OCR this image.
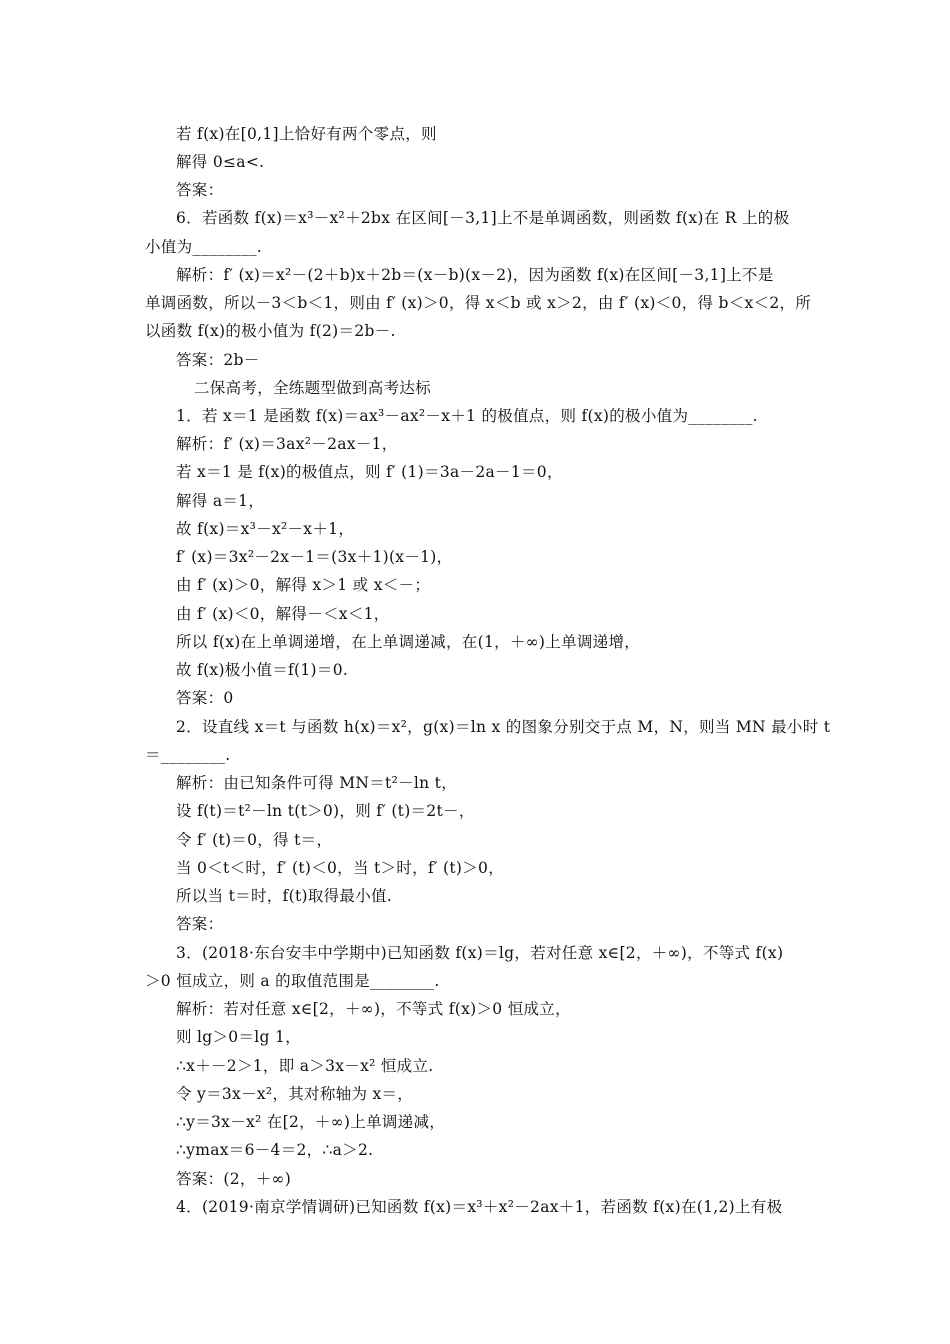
若 f(x)在[0,1]上恰好有两个零点，则
解得 0≤a<.
答案：
6．若函数 f(x)＝x³－x²＋2bx 在区间[－3,1]上不是单调函数，则函数 f(x)在 R 上的极
小值为________.
解析：f′ (x)＝x²－(2＋b)x＋2b＝(x－b)(x－2)，因为函数 f(x)在区间[－3,1]上不是
单调函数，所以－3＜b＜1，则由 f′ (x)＞0，得 x＜b 或 x＞2，由 f′ (x)＜0，得 b＜x＜2，所
以函数 f(x)的极小值为 f(2)＝2b－.
答案：2b－
二保高考，全练题型做到高考达标
1．若 x＝1 是函数 f(x)＝ax³－ax²－x＋1 的极值点，则 f(x)的极小值为________.
解析：f′ (x)＝3ax²－2ax－1，
若 x＝1 是 f(x)的极值点，则 f′ (1)＝3a－2a－1＝0，
解得 a＝1，
故 f(x)＝x³－x²－x＋1，
f′ (x)＝3x²－2x－1＝(3x＋1)(x－1)，
由 f′ (x)＞0，解得 x＞1 或 x＜－；
由 f′ (x)＜0，解得－＜x＜1，
所以 f(x)在上单调递增，在上单调递减，在(1，＋∞)上单调递增，
故 f(x)极小值＝f(1)＝0.
答案：0
2．设直线 x＝t 与函数 h(x)＝x²，g(x)＝ln x 的图象分别交于点 M，N，则当 MN 最小时 t
＝________.
解析：由已知条件可得 MN＝t²－ln t，
设 f(t)＝t²－ln t(t＞0)，则 f′ (t)＝2t－，
令 f′ (t)＝0，得 t＝，
当 0＜t＜时，f′ (t)＜0，当 t＞时，f′ (t)＞0，
所以当 t＝时，f(t)取得最小值.
答案：
3．(2018·东台安丰中学期中)已知函数 f(x)＝lg，若对任意 x∈[2，＋∞)，不等式 f(x)
＞0 恒成立，则 a 的取值范围是________.
解析：若对任意 x∈[2，＋∞)，不等式 f(x)＞0 恒成立，
则 lg＞0＝lg 1，
∴x＋－2＞1，即 a＞3x－x² 恒成立.
令 y＝3x－x²，其对称轴为 x＝，
∴y＝3x－x² 在[2，＋∞)上单调递减，
∴ymax＝6－4＝2，∴a＞2.
答案：(2，＋∞)
4．(2019·南京学情调研)已知函数 f(x)＝x³＋x²－2ax＋1，若函数 f(x)在(1,2)上有极
